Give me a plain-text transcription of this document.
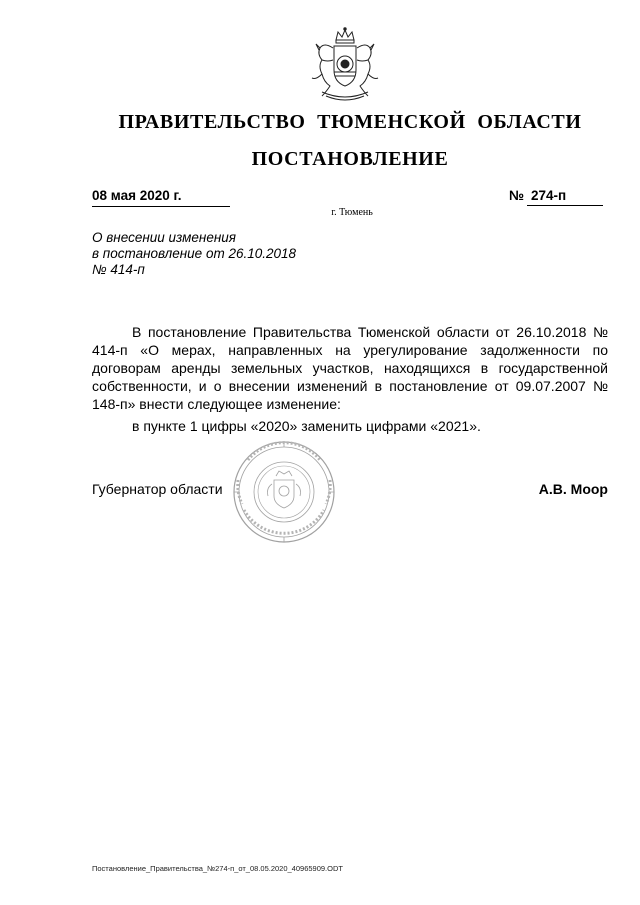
ПРАВИТЕЛЬСТВО ТЮМЕНСКОЙ ОБЛАСТИ
ПОСТАНОВЛЕНИЕ
08 мая 2020 г.	№ 274-п
г. Тюмень
О внесении изменения
в постановление от 26.10.2018
№ 414-п

В постановление Правительства Тюменской области от 26.10.2018 № 414-п «О мерах, направленных на урегулирование задолженности по договорам аренды земельных участков, находящихся в государственной собственности, и о внесении изменений в постановление от 09.07.2007 № 148-п» внести следующее изменение:

в пункте 1 цифры «2020» заменить цифрами «2021».

Губернатор области	А.В. Моор
Постановление_Правительства_№274-п_от_08.05.2020_40965909.ODT
